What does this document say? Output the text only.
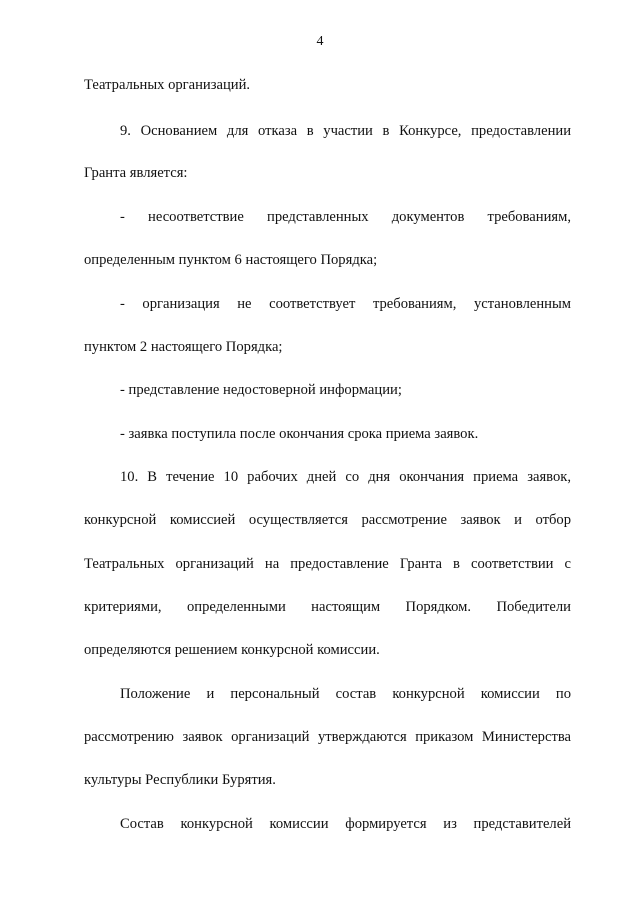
4
Театральных организаций.
9. Основанием для отказа в участии в Конкурсе, предоставлении
Гранта является:
- несоответствие представленных документов требованиям,
определенным пунктом 6 настоящего Порядка;
- организация не соответствует требованиям, установленным
пунктом 2 настоящего Порядка;
- представление недостоверной информации;
- заявка поступила после окончания срока приема заявок.
10. В течение 10 рабочих дней со дня окончания приема заявок,
конкурсной комиссией осуществляется рассмотрение заявок и отбор
Театральных организаций на предоставление Гранта в соответствии с
критериями, определенными настоящим Порядком. Победители
определяются решением конкурсной комиссии.
Положение и персональный состав конкурсной комиссии по
рассмотрению заявок организаций утверждаются приказом Министерства
культуры Республики Бурятия.
Состав конкурсной комиссии формируется из представителей
